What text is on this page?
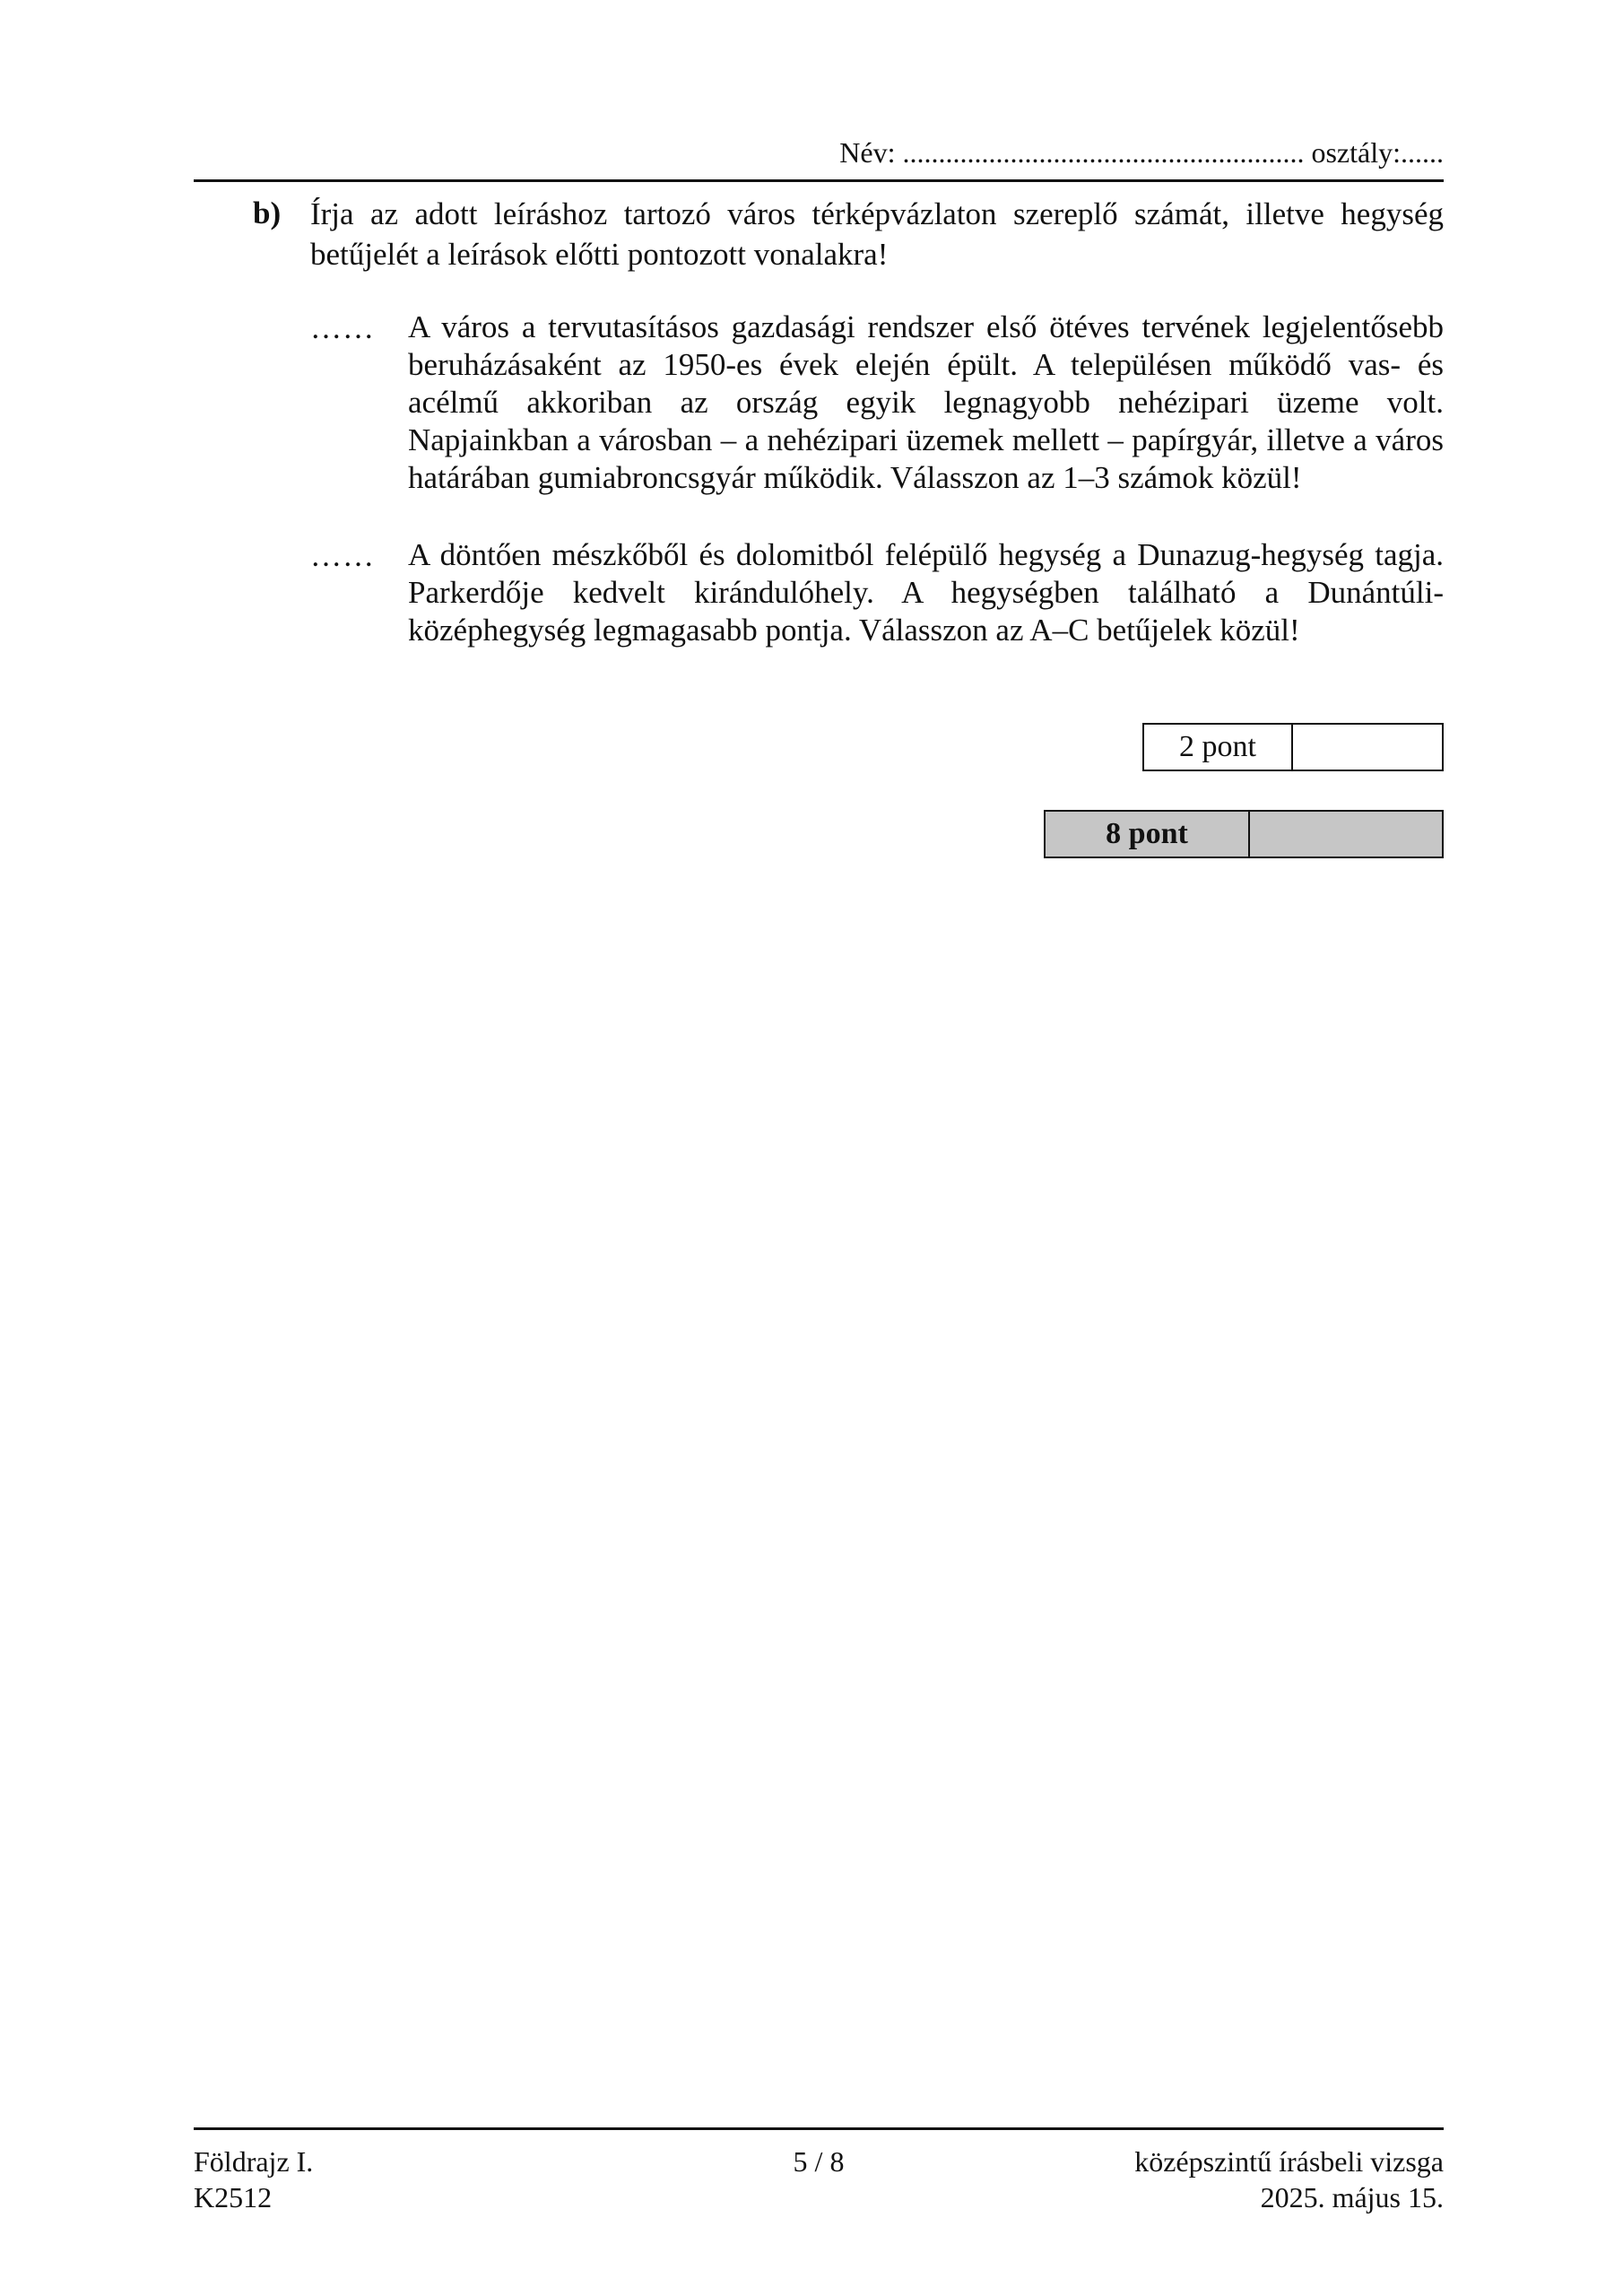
Név: ........................................................ osztály:......
b) Írja az adott leíráshoz tartozó város térképvázlaton szereplő számát, illetve hegység betűjelét a leírások előtti pontozott vonalakra!
…… A város a tervutasításos gazdasági rendszer első ötéves tervének legjelentősebb beruházásaként az 1950-es évek elején épült. A településen működő vas- és acélmű akkoriban az ország egyik legnagyobb nehézipari üzeme volt. Napjainkban a városban – a nehézipari üzemek mellett – papírgyár, illetve a város határában gumiabroncsgyár működik. Válasszon az 1–3 számok közül!
…… A döntően mészkőből és dolomitból felépülő hegység a Dunazug-hegység tagja. Parkerdője kedvelt kirándulóhely. A hegységben található a Dunántúli-középhegység legmagasabb pontja. Válasszon az A–C betűjelek közül!
2 pont
8 pont
Földrajz I.
K2512
5 / 8	középszintű írásbeli vizsga
2025. május 15.
